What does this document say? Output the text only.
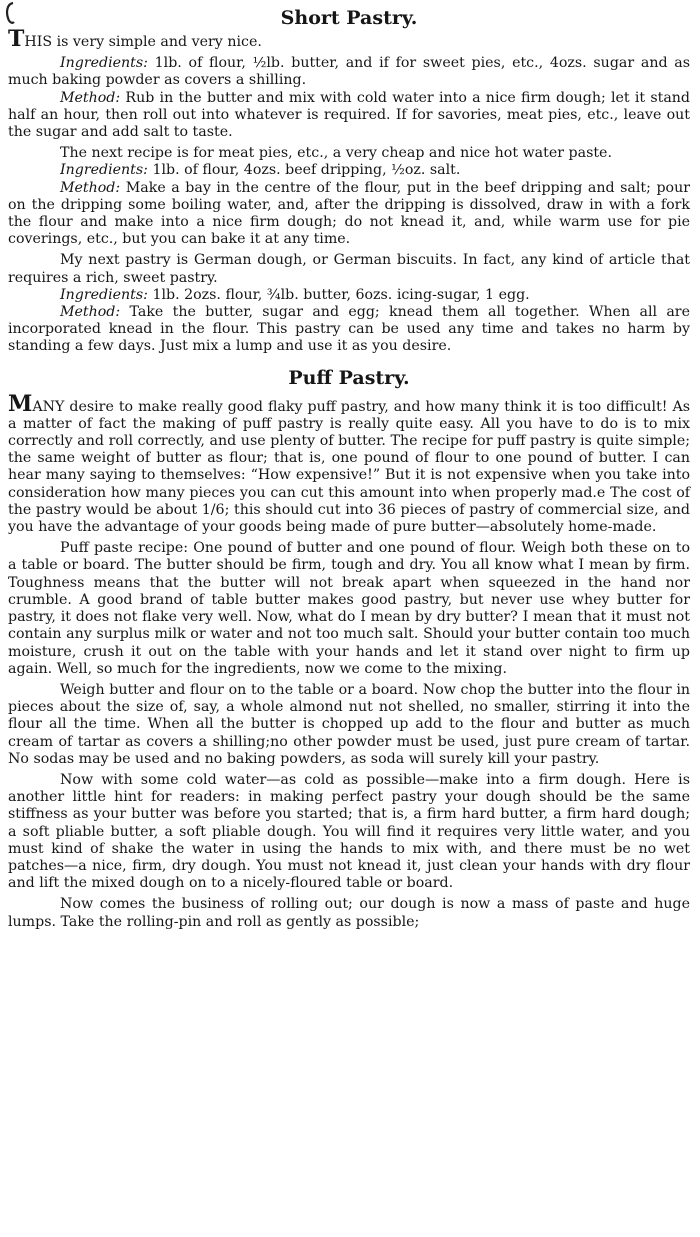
Short Pastry.

THIS is very simple and very nice.

Ingredients: 1lb. of flour, ½lb. butter, and if for sweet pies, etc., 4ozs. sugar and as much baking powder as covers a shilling.

Method: Rub in the butter and mix with cold water into a nice firm dough; let it stand half an hour, then roll out into whatever is required. If for savories, meat pies, etc., leave out the sugar and add salt to taste.

The next recipe is for meat pies, etc., a very cheap and nice hot water paste.

Ingredients: 1lb. of flour, 4ozs. beef dripping, ½oz. salt.

Method: Make a bay in the centre of the flour, put in the beef dripping and salt; pour on the dripping some boiling water, and, after the dripping is dissolved, draw in with a fork the flour and make into a nice firm dough; do not knead it, and, while warm use for pie coverings, etc., but you can bake it at any time.

My next pastry is German dough, or German biscuits. In fact, any kind of article that requires a rich, sweet pastry.

Ingredients: 1lb. 2ozs. flour, ¾lb. butter, 6ozs. icing-sugar, 1 egg.

Method: Take the butter, sugar and egg; knead them all together. When all are incorporated knead in the flour. This pastry can be used any time and takes no harm by standing a few days. Just mix a lump and use it as you desire.

Puff Pastry.

MANY desire to make really good flaky puff pastry, and how many think it is too difficult! As a matter of fact the making of puff pastry is really quite easy. All you have to do is to mix correctly and roll correctly, and use plenty of butter. The recipe for puff pastry is quite simple; the same weight of butter as flour; that is, one pound of flour to one pound of butter. I can hear many saying to themselves: “How expensive!” But it is not expensive when you take into consideration how many pieces you can cut this amount into when properly mad.e The cost of the pastry would be about 1/6; this should cut into 36 pieces of pastry of commercial size, and you have the advantage of your goods being made of pure butter—absolutely home-made.

Puff paste recipe: One pound of butter and one pound of flour. Weigh both these on to a table or board. The butter should be firm, tough and dry. You all know what I mean by firm. Toughness means that the butter will not break apart when squeezed in the hand nor crumble. A good brand of table butter makes good pastry, but never use whey butter for pastry, it does not flake very well. Now, what do I mean by dry butter? I mean that it must not contain any surplus milk or water and not too much salt. Should your butter contain too much moisture, crush it out on the table with your hands and let it stand over night to firm up again. Well, so much for the ingredients, now we come to the mixing.

Weigh butter and flour on to the table or a board. Now chop the butter into the flour in pieces about the size of, say, a whole almond nut not shelled, no smaller, stirring it into the flour all the time. When all the butter is chopped up add to the flour and butter as much cream of tartar as covers a shilling;no other powder must be used, just pure cream of tartar. No sodas may be used and no baking powders, as soda will surely kill your pastry.

Now with some cold water—as cold as possible—make into a firm dough. Here is another little hint for readers: in making perfect pastry your dough should be the same stiffness as your butter was before you started; that is, a firm hard butter, a firm hard dough; a soft pliable butter, a soft pliable dough. You will find it requires very little water, and you must kind of shake the water in using the hands to mix with, and there must be no wet patches—a nice, firm, dry dough. You must not knead it, just clean your hands with dry flour and lift the mixed dough on to a nicely-floured table or board.

Now comes the business of rolling out; our dough is now a mass of paste and huge lumps. Take the rolling-pin and roll as gently as possible;
